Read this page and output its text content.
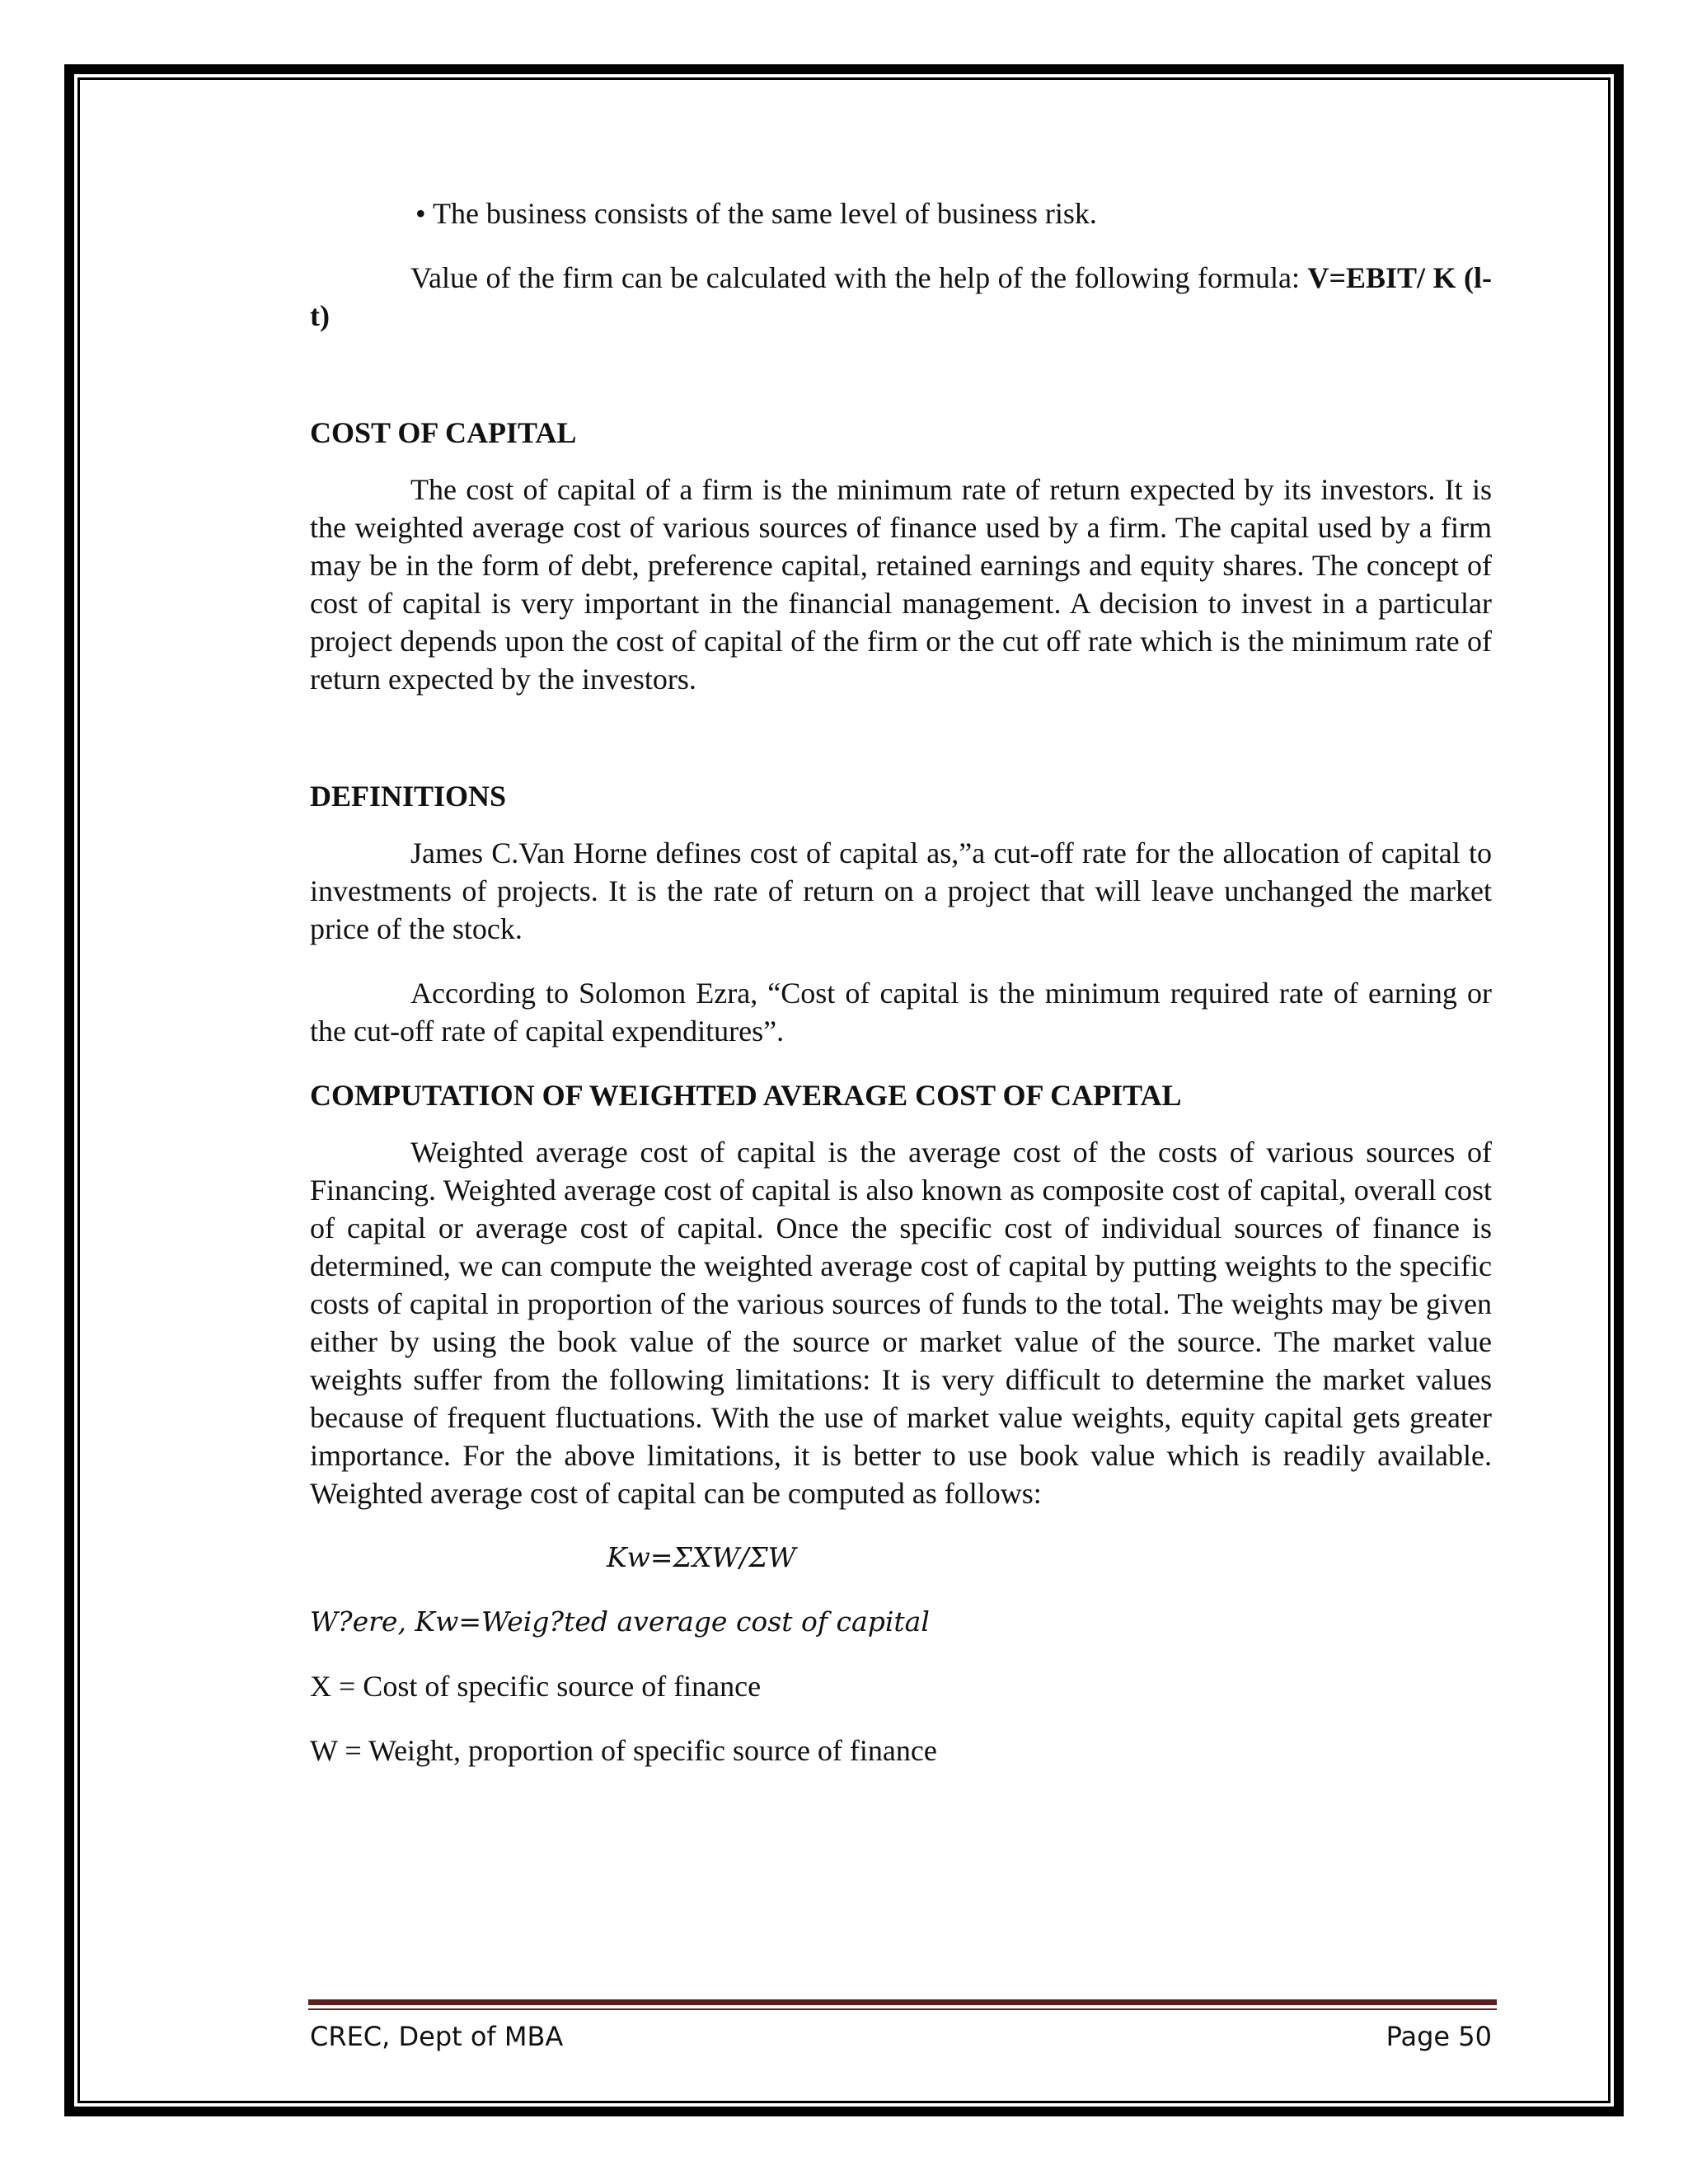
• The business consists of the same level of business risk.

Value of the firm can be calculated with the help of the following formula: V=EBIT/ K (l-t)

COST OF CAPITAL

The cost of capital of a firm is the minimum rate of return expected by its investors. It is the weighted average cost of various sources of finance used by a firm. The capital used by a firm may be in the form of debt, preference capital, retained earnings and equity shares. The concept of cost of capital is very important in the financial management. A decision to invest in a particular project depends upon the cost of capital of the firm or the cut off rate which is the minimum rate of return expected by the investors.

DEFINITIONS

James C.Van Horne defines cost of capital as,”a cut-off rate for the allocation of capital to investments of projects. It is the rate of return on a project that will leave unchanged the market price of the stock.

According to Solomon Ezra, “Cost of capital is the minimum required rate of earning or the cut-off rate of capital expenditures”.

COMPUTATION OF WEIGHTED AVERAGE COST OF CAPITAL

Weighted average cost of capital is the average cost of the costs of various sources of Financing. Weighted average cost of capital is also known as composite cost of capital, overall cost of capital or average cost of capital. Once the specific cost of individual sources of finance is determined, we can compute the weighted average cost of capital by putting weights to the specific costs of capital in proportion of the various sources of funds to the total. The weights may be given either by using the book value of the source or market value of the source. The market value weights suffer from the following limitations: It is very difficult to determine the market values because of frequent fluctuations. With the use of market value weights, equity capital gets greater importance. For the above limitations, it is better to use book value which is readily available. Weighted average cost of capital can be computed as follows:

Kw=ΣXW/ΣW

W?ere, Kw=Weig?ted average cost of capital

X = Cost of specific source of finance

W = Weight, proportion of specific source of finance

CREC, Dept of MBA	Page 50
